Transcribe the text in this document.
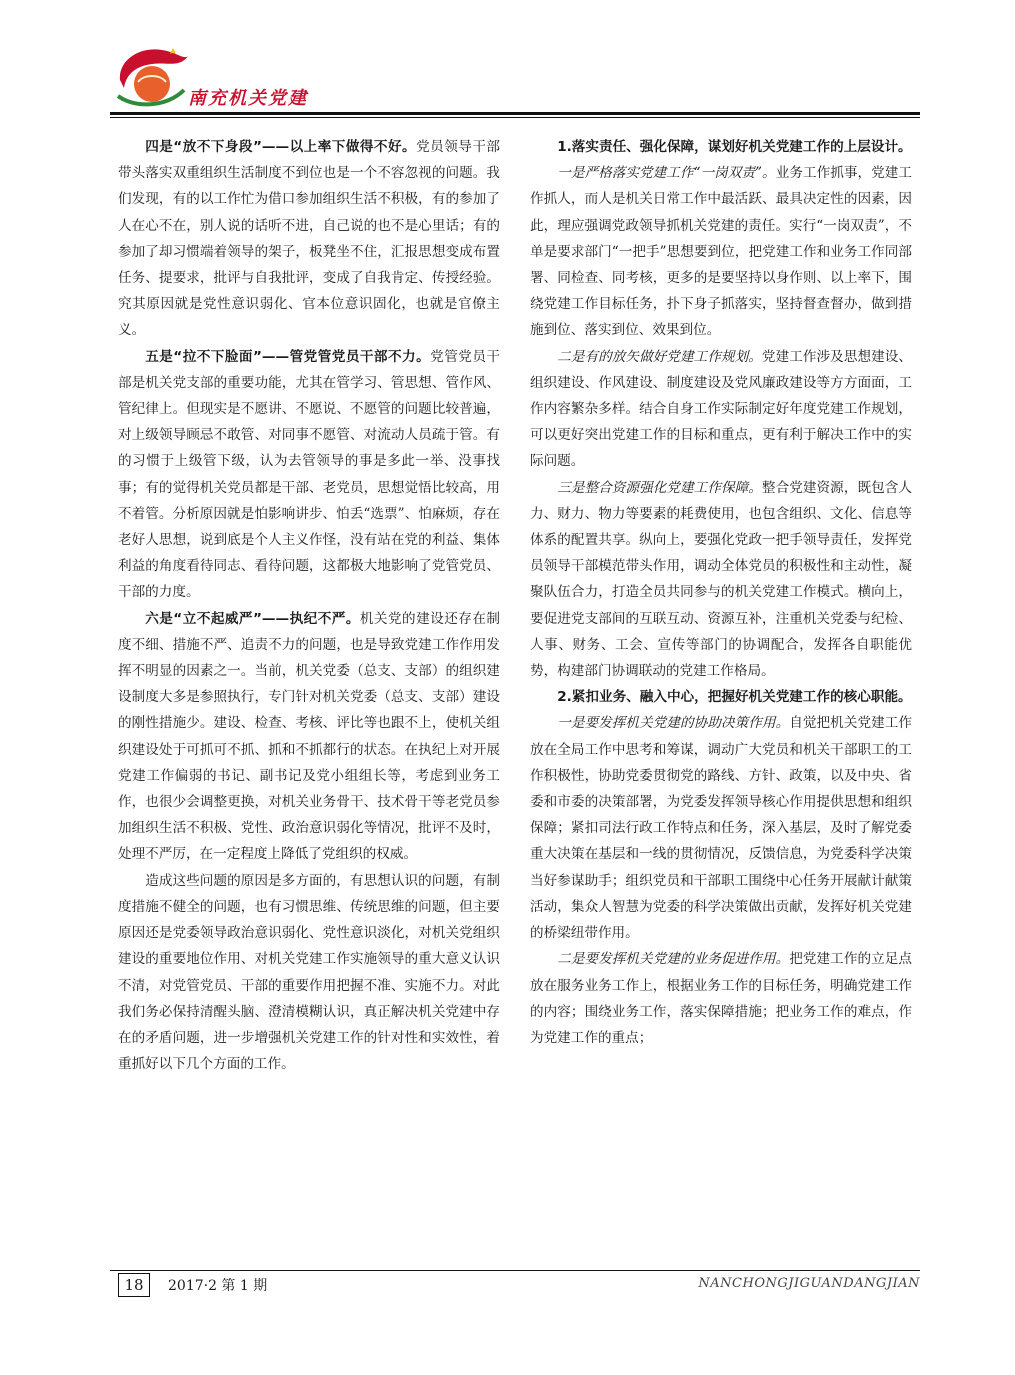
南充机关党建

四是“放不下身段”——以上率下做得不好。党员领导干部带头落实双重组织生活制度不到位也是一个不容忽视的问题。我们发现，有的以工作忙为借口参加组织生活不积极，有的参加了人在心不在，别人说的话听不进，自己说的也不是心里话；有的参加了却习惯端着领导的架子，板凳坐不住，汇报思想变成布置任务、提要求，批评与自我批评，变成了自我肯定、传授经验。究其原因就是党性意识弱化、官本位意识固化，也就是官僚主义。

五是“拉不下脸面”——管党管党员干部不力。党管党员干部是机关党支部的重要功能，尤其在管学习、管思想、管作风、管纪律上。但现实是不愿讲、不愿说、不愿管的问题比较普遍，对上级领导顾忌不敢管、对同事不愿管、对流动人员疏于管。有的习惯于上级管下级，认为去管领导的事是多此一举、没事找事；有的觉得机关党员都是干部、老党员，思想觉悟比较高，用不着管。分析原因就是怕影响讲步、怕丢“选票”、怕麻烦，存在老好人思想，说到底是个人主义作怪，没有站在党的利益、集体利益的角度看待同志、看待问题，这都极大地影响了党管党员、干部的力度。

六是“立不起威严”——执纪不严。机关党的建设还存在制度不细、措施不严、追责不力的问题，也是导致党建工作作用发挥不明显的因素之一。当前，机关党委（总支、支部）的组织建设制度大多是参照执行，专门针对机关党委（总支、支部）建设的刚性措施少。建设、检查、考核、评比等也跟不上，使机关组织建设处于可抓可不抓、抓和不抓都行的状态。在执纪上对开展党建工作偏弱的书记、副书记及党小组组长等，考虑到业务工作，也很少会调整更换，对机关业务骨干、技术骨干等老党员参加组织生活不积极、党性、政治意识弱化等情况，批评不及时，处理不严厉，在一定程度上降低了党组织的权威。

造成这些问题的原因是多方面的，有思想认识的问题，有制度措施不健全的问题，也有习惯思维、传统思维的问题，但主要原因还是党委领导政治意识弱化、党性意识淡化，对机关党组织建设的重要地位作用、对机关党建工作实施领导的重大意义认识不清，对党管党员、干部的重要作用把握不准、实施不力。对此我们务必保持清醒头脑、澄清模糊认识，真正解决机关党建中存在的矛盾问题，进一步增强机关党建工作的针对性和实效性，着重抓好以下几个方面的工作。

1.落实责任、强化保障，谋划好机关党建工作的上层设计。

一是严格落实党建工作“一岗双责”。业务工作抓事，党建工作抓人，而人是机关日常工作中最活跃、最具决定性的因素，因此，理应强调党政领导抓机关党建的责任。实行“一岗双责”，不单是要求部门“一把手”思想要到位，把党建工作和业务工作同部署、同检查、同考核，更多的是要坚持以身作则、以上率下，围绕党建工作目标任务，扑下身子抓落实，坚持督查督办，做到措施到位、落实到位、效果到位。

二是有的放矢做好党建工作规划。党建工作涉及思想建设、组织建设、作风建设、制度建设及党风廉政建设等方方面面，工作内容繁杂多样。结合自身工作实际制定好年度党建工作规划，可以更好突出党建工作的目标和重点，更有利于解决工作中的实际问题。

三是整合资源强化党建工作保障。整合党建资源，既包含人力、财力、物力等要素的耗费使用，也包含组织、文化、信息等体系的配置共享。纵向上，要强化党政一把手领导责任，发挥党员领导干部模范带头作用，调动全体党员的积极性和主动性，凝聚队伍合力，打造全员共同参与的机关党建工作模式。横向上，要促进党支部间的互联互动、资源互补，注重机关党委与纪检、人事、财务、工会、宣传等部门的协调配合，发挥各自职能优势，构建部门协调联动的党建工作格局。

2.紧扣业务、融入中心，把握好机关党建工作的核心职能。

一是要发挥机关党建的协助决策作用。自觉把机关党建工作放在全局工作中思考和筹谋，调动广大党员和机关干部职工的工作积极性，协助党委贯彻党的路线、方针、政策，以及中央、省委和市委的决策部署，为党委发挥领导核心作用提供思想和组织保障；紧扣司法行政工作特点和任务，深入基层，及时了解党委重大决策在基层和一线的贯彻情况，反馈信息，为党委科学决策当好参谋助手；组织党员和干部职工围绕中心任务开展献计献策活动，集众人智慧为党委的科学决策做出贡献，发挥好机关党建的桥梁纽带作用。

二是要发挥机关党建的业务促进作用。把党建工作的立足点放在服务业务工作上，根据业务工作的目标任务，明确党建工作的内容；围绕业务工作，落实保障措施；把业务工作的难点，作为党建工作的重点；

18	2017·2 第 1 期	NANCHONGJIGUANDANGJIAN
